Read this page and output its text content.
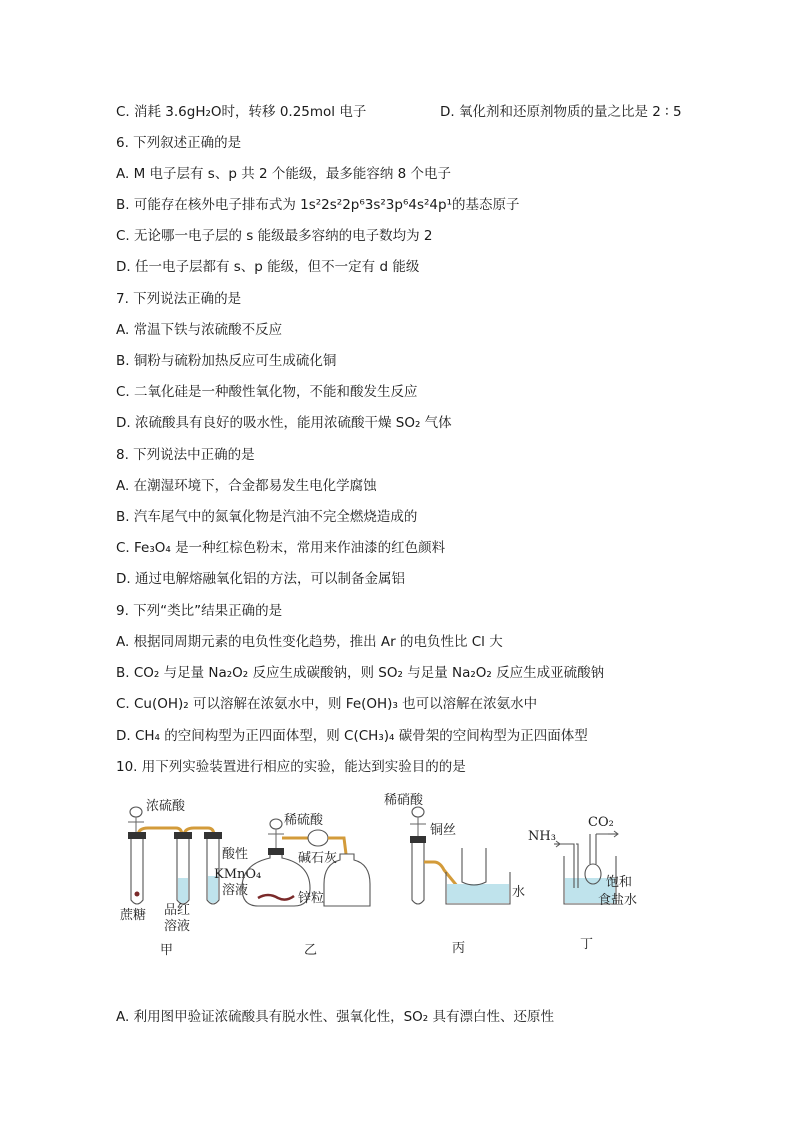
C. 消耗 3.6gH₂O时，转移 0.25mol 电子	D. 氧化剂和还原剂物质的量之比是 2 ∶ 5
6. 下列叙述正确的是
A. M 电子层有 s、p 共 2 个能级，最多能容纳 8 个电子
B. 可能存在核外电子排布式为 1s²2s²2p⁶3s²3p⁶4s²4p¹的基态原子
C. 无论哪一电子层的 s 能级最多容纳的电子数均为 2
D. 任一电子层都有 s、p 能级，但不一定有 d 能级
7. 下列说法正确的是
A. 常温下铁与浓硫酸不反应
B. 铜粉与硫粉加热反应可生成硫化铜
C. 二氧化硅是一种酸性氧化物，不能和酸发生反应
D. 浓硫酸具有良好的吸水性，能用浓硫酸干燥 SO₂ 气体
8. 下列说法中正确的是
A. 在潮湿环境下，合金都易发生电化学腐蚀
B. 汽车尾气中的氮氧化物是汽油不完全燃烧造成的
C. Fe₃O₄ 是一种红棕色粉末，常用来作油漆的红色颜料
D. 通过电解熔融氧化铝的方法，可以制备金属铝
9. 下列“类比”结果正确的是
A. 根据同周期元素的电负性变化趋势，推出 Ar 的电负性比 Cl 大
B. CO₂ 与足量 Na₂O₂ 反应生成碳酸钠，则 SO₂ 与足量 Na₂O₂ 反应生成亚硫酸钠
C. Cu(OH)₂ 可以溶解在浓氨水中，则 Fe(OH)₃ 也可以溶解在浓氨水中
D. CH₄ 的空间构型为正四面体型，则 C(CH₃)₄ 碳骨架的空间构型为正四面体型
10. 用下列实验装置进行相应的实验，能达到实验目的的是
浓硫酸
蔗糖 品红
溶液
酸性
KMnO₄
溶液
甲
稀硫酸
碱石灰
锌粒
乙
稀硝酸
铜丝
水
丙
NH₃
CO₂
饱和
食盐水
丁
A. 利用图甲验证浓硫酸具有脱水性、强氧化性，SO₂ 具有漂白性、还原性
